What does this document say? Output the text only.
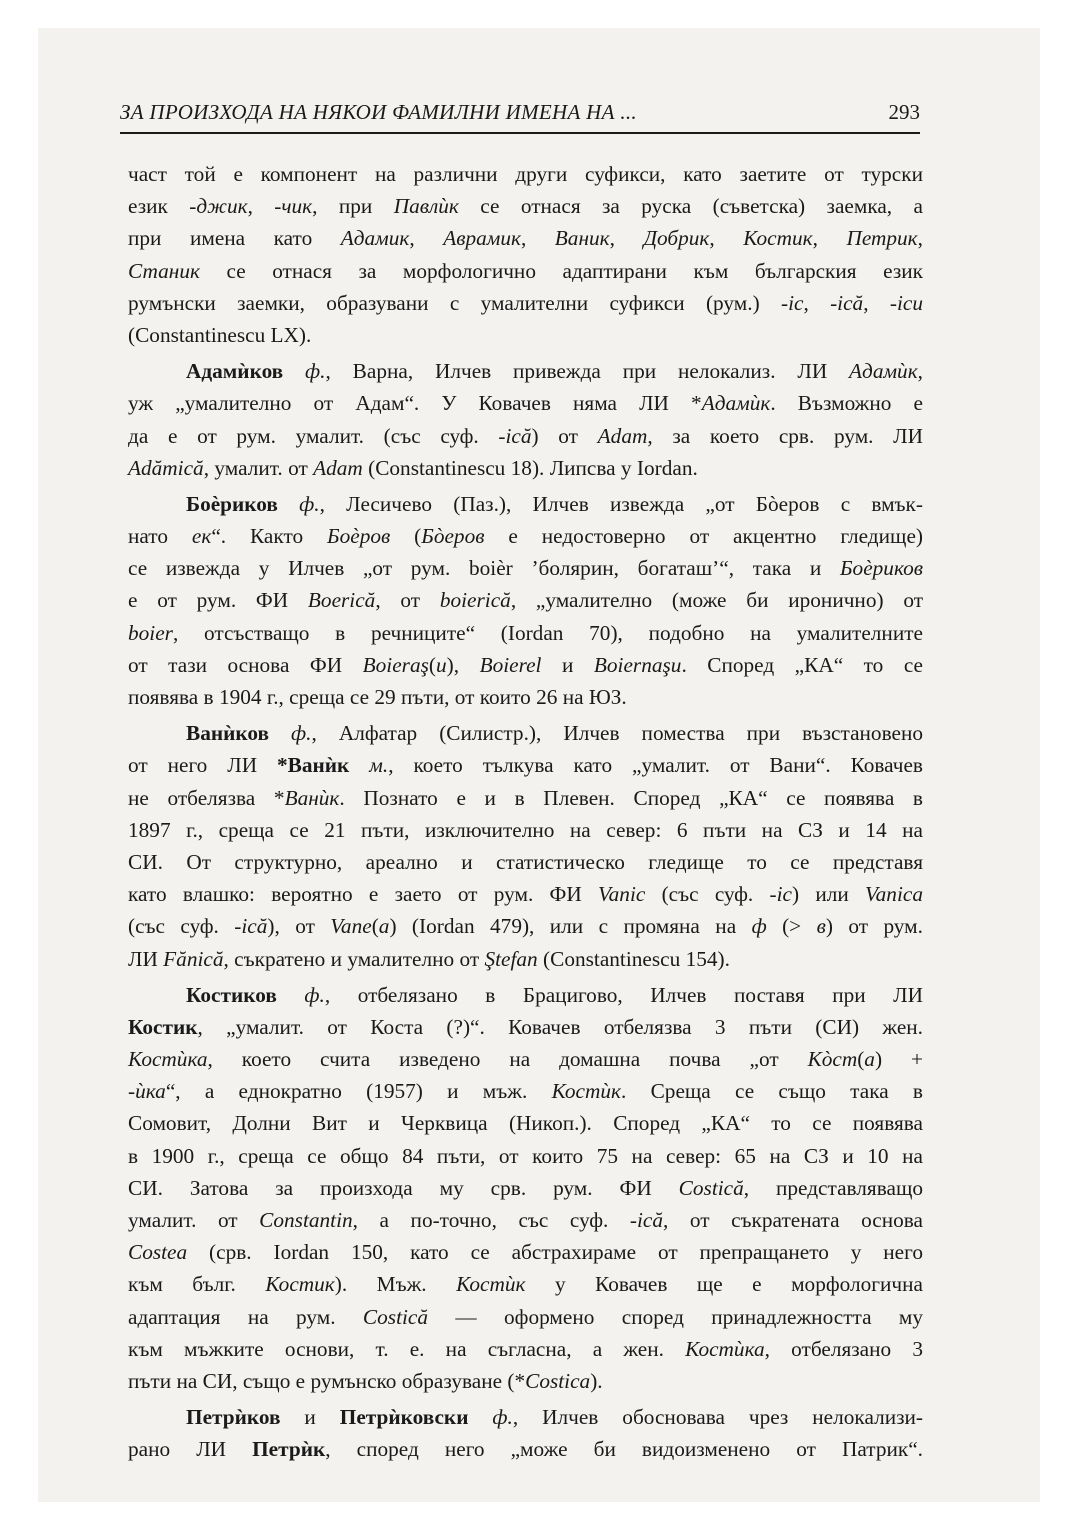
ЗА ПРОИЗХОДА НА НЯКОИ ФАМИЛНИ ИМЕНА НА ...	293
част той е компонент на различни други суфикси, като заетите от турски
език -джик, -чик, при Павлѝк се отнася за руска (съветска) заемка, а
при имена като Адамик, Аврамик, Ваник, Добрик, Костик, Петрик,
Станик се отнася за морфологично адаптирани към българския език
румънски заемки, образувани с умалителни суфикси (рум.) -ic, -ică, -icu
(Constantinescu LX).
Адамѝков ф., Варна, Илчев привежда при нелокализ. ЛИ Адамѝк,
уж „умалително от Адам“. У Ковачев няма ЛИ *Адамѝк. Възможно е
да е от рум. умалит. (със суф. -ică) от Adam, за което срв. рум. ЛИ
Adămică, умалит. от Adam (Constantinescu 18). Липсва у Iordan.
Боѐриков ф., Лесичево (Паз.), Илчев извежда „от Бòеров с вмък-
нато ек“. Както Боѐров (Бòеров е недостоверно от акцентно гледище)
се извежда у Илчев „от рум. boièr ’болярин, богаташ’“, така и Боѐриков
е от рум. ФИ Boerică, от boierică, „умалително (може би иронично) от
boier, отсъстващо в речниците“ (Iordan 70), подобно на умалителните
от тази основа ФИ Boieraş(u), Boierel и Boiernaşu. Според „КА“ то се
появява в 1904 г., среща се 29 пъти, от които 26 на ЮЗ.
Ванѝков ф., Алфатар (Силистр.), Илчев помества при възстановено
от него ЛИ *Ванѝк м., което тълкува като „умалит. от Вани“. Ковачев
не отбелязва *Ванѝк. Познато е и в Плевен. Според „КА“ се появява в
1897 г., среща се 21 пъти, изключително на север: 6 пъти на СЗ и 14 на
СИ. От структурно, ареално и статистическо гледище то се представя
като влашко: вероятно е заето от рум. ФИ Vanic (със суф. -ic) или Vanica
(със суф. -ică), от Vane(a) (Iordan 479), или с промяна на ф (> в) от рум.
ЛИ Fănică, съкратено и умалително от Ştefan (Constantinescu 154).
Костиков ф., отбелязано в Брацигово, Илчев поставя при ЛИ
Костик, „умалит. от Коста (?)“. Ковачев отбелязва 3 пъти (СИ) жен.
Костѝка, което счита изведено на домашна почва „от Кòст(а) +
-ѝка“, а еднократно (1957) и мъж. Костѝк. Среща се също така в
Сомовит, Долни Вит и Черквица (Никоп.). Според „КА“ то се появява
в 1900 г., среща се общо 84 пъти, от които 75 на север: 65 на СЗ и 10 на
СИ. Затова за произхода му срв. рум. ФИ Costică, представляващо
умалит. от Constantin, а по-точно, със суф. -ică, от съкратената основа
Costea (срв. Iordan 150, като се абстрахираме от препращането у него
към бълг. Костик). Мъж. Костѝк у Ковачев ще е морфологична
адаптация на рум. Costică — оформено според принадлежността му
към мъжките основи, т. е. на съгласна, а жен. Костѝка, отбелязано 3
пъти на СИ, също е румънско образуване (*Costica).
Петрѝков и Петрѝковски ф., Илчев обосновава чрез нелокализи-
рано ЛИ Петрѝк, според него „може би видоизменено от Патрик“.
